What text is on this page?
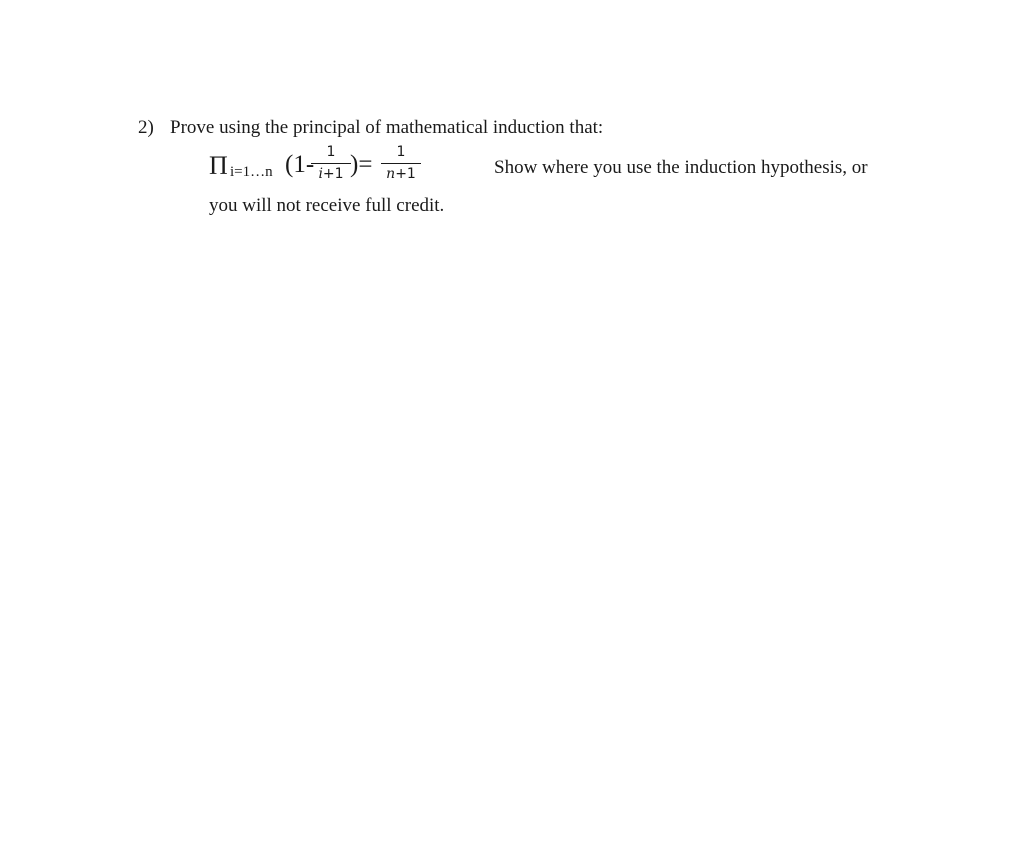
2) Prove using the principal of mathematical induction that:
Π i=1…n (1- 1
i+1 )=	1
n+1	Show where you use the induction hypothesis, or
you will not receive full credit.
